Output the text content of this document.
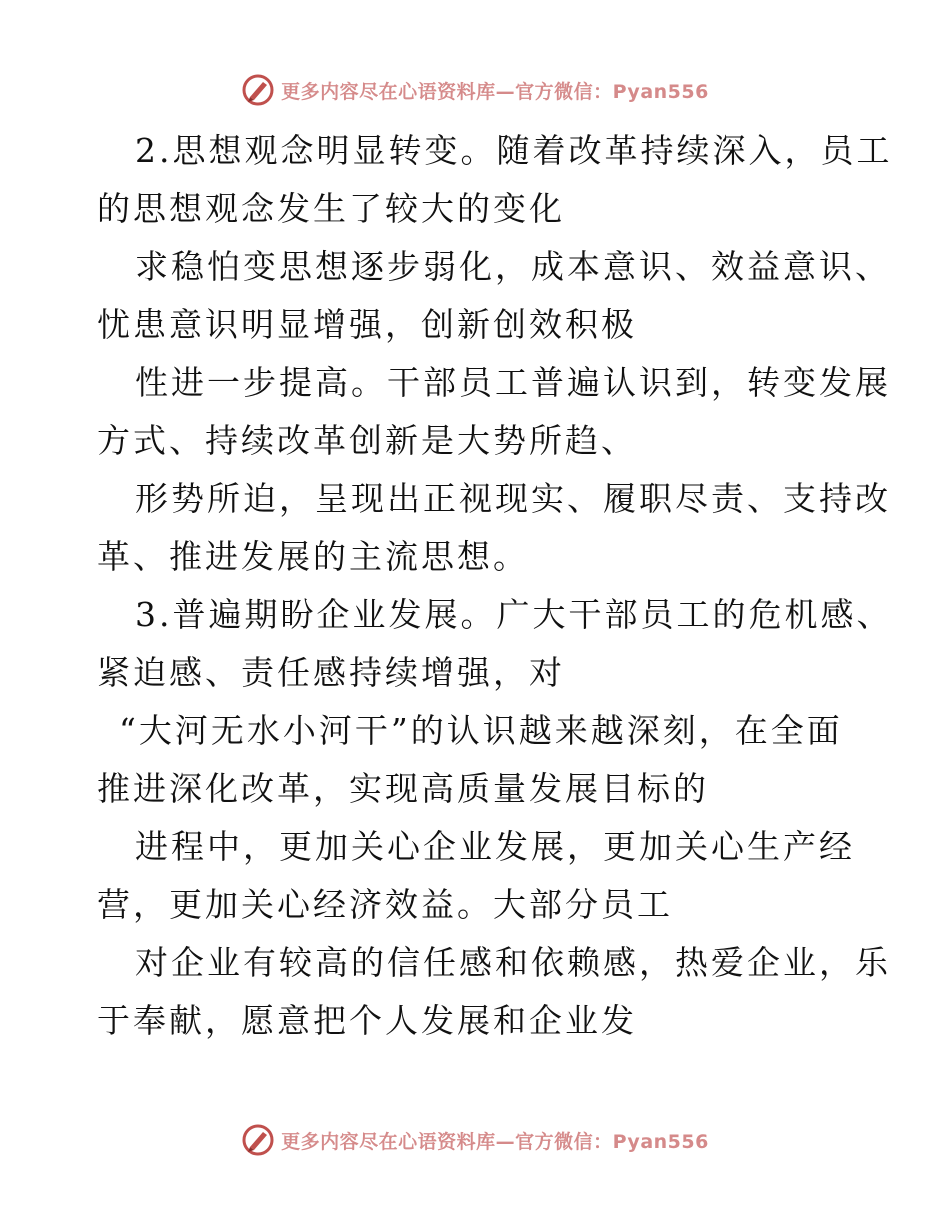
更多内容尽在心语资料库—官方微信：Pyan556
2.思想观念明显转变。随着改革持续深入，员工
的思想观念发生了较大的变化
求稳怕变思想逐步弱化，成本意识、效益意识、
忧患意识明显增强，创新创效积极
性进一步提高。干部员工普遍认识到，转变发展
方式、持续改革创新是大势所趋、
形势所迫，呈现出正视现实、履职尽责、支持改
革、推进发展的主流思想。
3.普遍期盼企业发展。广大干部员工的危机感、
紧迫感、责任感持续增强，对
“大河无水小河干”的认识越来越深刻，在全面
推进深化改革，实现高质量发展目标的
进程中，更加关心企业发展，更加关心生产经
营，更加关心经济效益。大部分员工
对企业有较高的信任感和依赖感，热爱企业，乐
于奉献，愿意把个人发展和企业发
更多内容尽在心语资料库—官方微信：Pyan556
